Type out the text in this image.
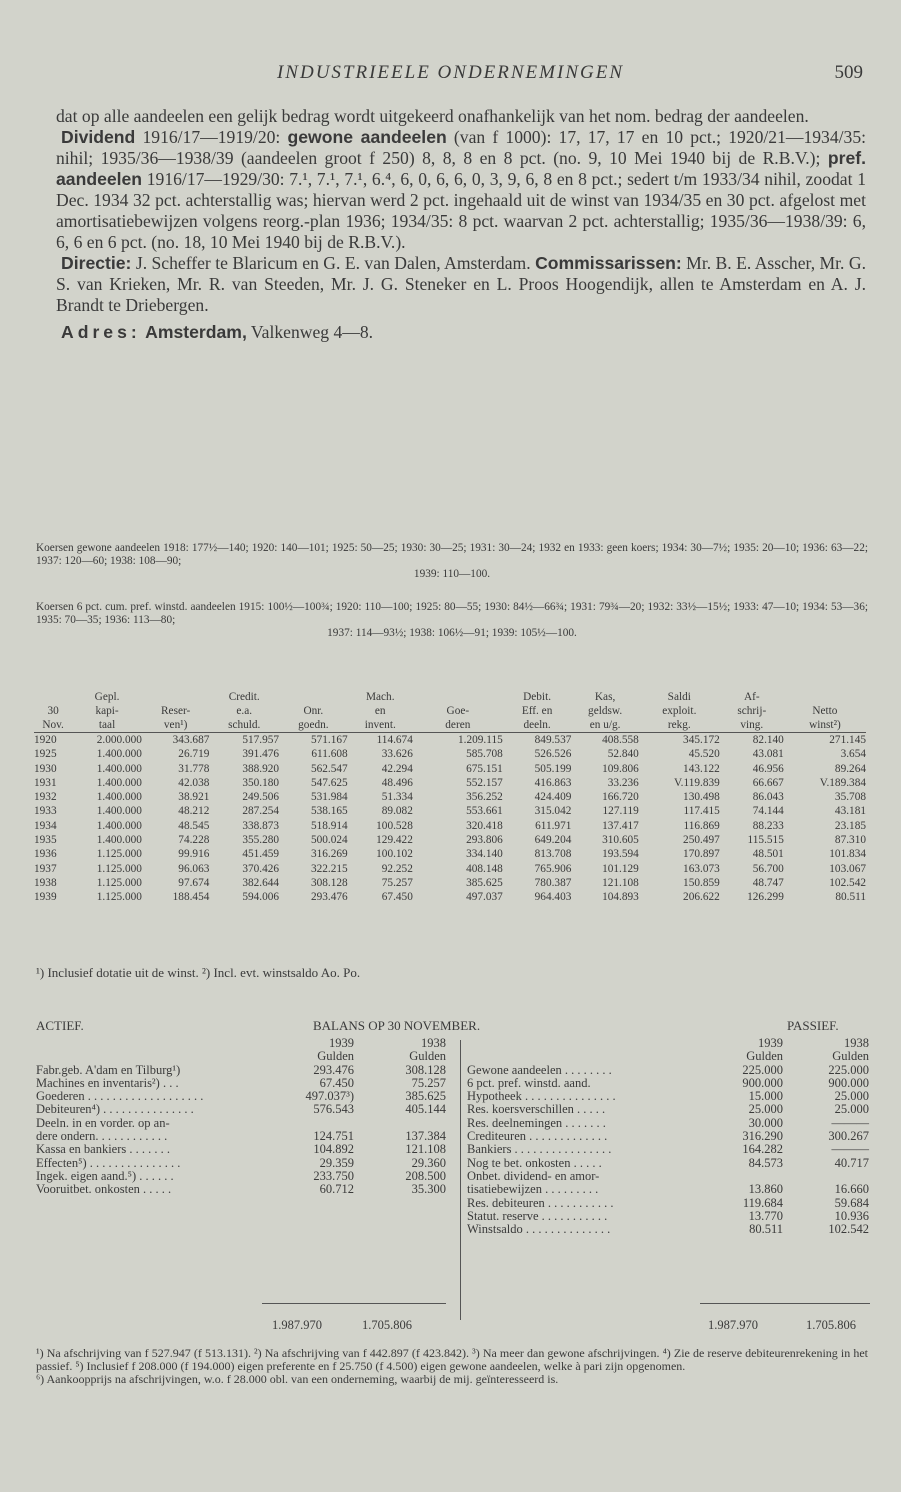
INDUSTRIEELE ONDERNEMINGEN	509

dat op alle aandeelen een gelijk bedrag wordt uitgekeerd onafhankelijk van het nom. bedrag der aandeelen.

Dividend 1916/17—1919/20: gewone aandeelen (van f 1000): 17, 17, 17 en 10 pct.; 1920/21—1934/35: nihil; 1935/36—1938/39 (aandeelen groot f 250) 8, 8, 8 en 8 pct. (no. 9, 10 Mei 1940 bij de R.B.V.); pref. aandeelen 1916/17—1929/30: 7.¹, 7.¹, 7.¹, 6.⁴, 6, 0, 6, 6, 0, 3, 9, 6, 8 en 8 pct.; sedert t/m 1933/34 nihil, zoodat 1 Dec. 1934 32 pct. achterstallig was; hiervan werd 2 pct. ingehaald uit de winst van 1934/35 en 30 pct. afgelost met amortisatiebewijzen volgens reorg.-plan 1936; 1934/35: 8 pct. waarvan 2 pct. achterstallig; 1935/36—1938/39: 6, 6, 6 en 6 pct. (no. 18, 10 Mei 1940 bij de R.B.V.).

Directie: J. Scheffer te Blaricum en G. E. van Dalen, Amsterdam. Commissarissen: Mr. B. E. Asscher, Mr. G. S. van Krieken, Mr. R. van Steeden, Mr. J. G. Steneker en L. Proos Hoogendijk, allen te Amsterdam en A. J. Brandt te Driebergen.

Adres: Amsterdam, Valkenweg 4—8.

Koersen gewone aandeelen 1918: 177½—140; 1920: 140—101; 1925: 50—25; 1930: 30—25; 1931: 30—24; 1932 en 1933: geen koers; 1934: 30—7½; 1935: 20—10; 1936: 63—22; 1937: 120—60; 1938: 108—90;

1939: 110—100.

Koersen 6 pct. cum. pref. winstd. aandeelen 1915: 100½—100¾; 1920: 110—100; 1925: 80—55; 1930: 84½—66¾; 1931: 79¾—20; 1932: 33½—15½; 1933: 47—10; 1934: 53—36; 1935: 70—35; 1936: 113—80;

1937: 114—93½; 1938: 106½—91; 1939: 105½—100.

	Gepl.		Credit.		Mach.		Debit.	Kas,	Saldi	Af-	
30	kapi-	Reser-	e.a.	Onr.	en	Goe-	Eff. en	geldsw.	exploit.	schrij-	Netto
Nov.	taal	ven¹)	schuld.	goedn.	invent.	deren	deeln.	en u/g.	rekg.	ving.	winst²)
1920	2.000.000	343.687	517.957	571.167	114.674	1.209.115	849.537	408.558	345.172	82.140	271.145
1925	1.400.000	26.719	391.476	611.608	33.626	585.708	526.526	52.840	45.520	43.081	3.654
1930	1.400.000	31.778	388.920	562.547	42.294	675.151	505.199	109.806	143.122	46.956	89.264
1931	1.400.000	42.038	350.180	547.625	48.496	552.157	416.863	33.236	V.119.839	66.667	V.189.384
1932	1.400.000	38.921	249.506	531.984	51.334	356.252	424.409	166.720	130.498	86.043	35.708
1933	1.400.000	48.212	287.254	538.165	89.082	553.661	315.042	127.119	117.415	74.144	43.181
1934	1.400.000	48.545	338.873	518.914	100.528	320.418	611.971	137.417	116.869	88.233	23.185
1935	1.400.000	74.228	355.280	500.024	129.422	293.806	649.204	310.605	250.497	115.515	87.310
1936	1.125.000	99.916	451.459	316.269	100.102	334.140	813.708	193.594	170.897	48.501	101.834
1937	1.125.000	96.063	370.426	322.215	92.252	408.148	765.906	101.129	163.073	56.700	103.067
1938	1.125.000	97.674	382.644	308.128	75.257	385.625	780.387	121.108	150.859	48.747	102.542
1939	1.125.000	188.454	594.006	293.476	67.450	497.037	964.403	104.893	206.622	126.299	80.511
¹) Inclusief dotatie uit de winst. ²) Incl. evt. winstsaldo Ao. Po.
ACTIEF.	BALANS OP 30 NOVEMBER.	PASSIEF.
	1939	1938
	Gulden	Gulden
Fabr.geb. A'dam en Tilburg¹)	293.476	308.128
Machines en inventaris²) . . .	67.450	75.257
Goederen . . . . . . . . . . . . . . . . . . .	497.037³)	385.625
Debiteuren⁴) . . . . . . . . . . . . . . .	576.543	405.144
Deeln. in en vorder. op an-		
dere ondern. . . . . . . . . . . .	124.751	137.384
Kassa en bankiers . . . . . . .	104.892	121.108
Effecten⁵) . . . . . . . . . . . . . . .	29.359	29.360
Ingek. eigen aand.⁵) . . . . . .	233.750	208.500
Vooruitbet. onkosten . . . . .	60.712	35.300
	1939	1938
	Gulden	Gulden
Gewone aandeelen . . . . . . . .	225.000	225.000
6 pct. pref. winstd. aand.	900.000	900.000
Hypotheek . . . . . . . . . . . . . . .	15.000	25.000
Res. koersverschillen . . . . .	25.000	25.000
Res. deelnemingen . . . . . . .	30.000	———
Crediteuren . . . . . . . . . . . . .	316.290	300.267
Bankiers . . . . . . . . . . . . . . . .	164.282	———
Nog te bet. onkosten . . . . .	84.573	40.717
Onbet. dividend- en amor-		
tisatiebewijzen . . . . . . . . .	13.860	16.660
Res. debiteuren . . . . . . . . . . .	119.684	59.684
Statut. reserve . . . . . . . . . . .	13.770	10.936
Winstsaldo . . . . . . . . . . . . . .	80.511	102.542
1.987.970	1.705.806	1.987.970	1.705.806

¹) Na afschrijving van f 527.947 (f 513.131). ²) Na afschrijving van f 442.897 (f 423.842). ³) Na meer dan gewone afschrijvingen. ⁴) Zie de reserve debiteurenrekening in het passief. ⁵) Inclusief f 208.000 (f 194.000) eigen preferente en f 25.750 (f 4.500) eigen gewone aandeelen, welke à pari zijn opgenomen.

⁶) Aankoopprijs na afschrijvingen, w.o. f 28.000 obl. van een onderneming, waarbij de mij. geïnteresseerd is.
